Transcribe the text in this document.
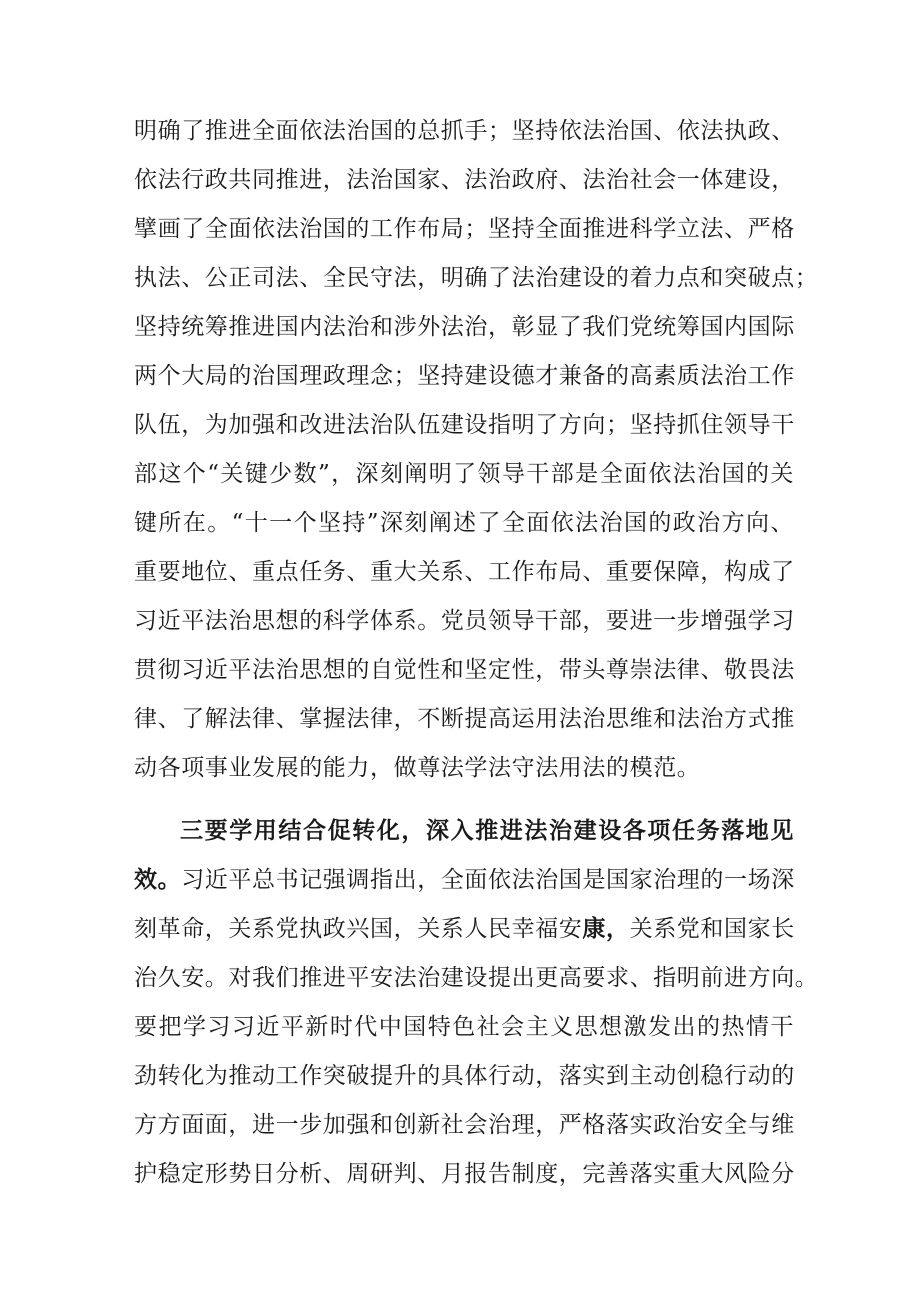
明确了推进全面依法治国的总抓手；坚持依法治国、依法执政、
依法行政共同推进，法治国家、法治政府、法治社会一体建设，
擘画了全面依法治国的工作布局；坚持全面推进科学立法、严格
执法、公正司法、全民守法，明确了法治建设的着力点和突破点；
坚持统筹推进国内法治和涉外法治，彰显了我们党统筹国内国际
两个大局的治国理政理念；坚持建设德才兼备的高素质法治工作
队伍，为加强和改进法治队伍建设指明了方向；坚持抓住领导干
部这个“关键少数”，深刻阐明了领导干部是全面依法治国的关
键所在。“十一个坚持”深刻阐述了全面依法治国的政治方向、
重要地位、重点任务、重大关系、工作布局、重要保障，构成了
习近平法治思想的科学体系。党员领导干部，要进一步增强学习
贯彻习近平法治思想的自觉性和坚定性，带头尊崇法律、敬畏法
律、了解法律、掌握法律，不断提高运用法治思维和法治方式推
动各项事业发展的能力，做尊法学法守法用法的模范。
三要学用结合促转化，深入推进法治建设各项任务落地见
效。习近平总书记强调指出，全面依法治国是国家治理的一场深
刻革命，关系党执政兴国，关系人民幸福安康，关系党和国家长
治久安。对我们推进平安法治建设提出更高要求、指明前进方向。
要把学习习近平新时代中国特色社会主义思想激发出的热情干
劲转化为推动工作突破提升的具体行动，落实到主动创稳行动的
方方面面，进一步加强和创新社会治理，严格落实政治安全与维
护稳定形势日分析、周研判、月报告制度，完善落实重大风险分
